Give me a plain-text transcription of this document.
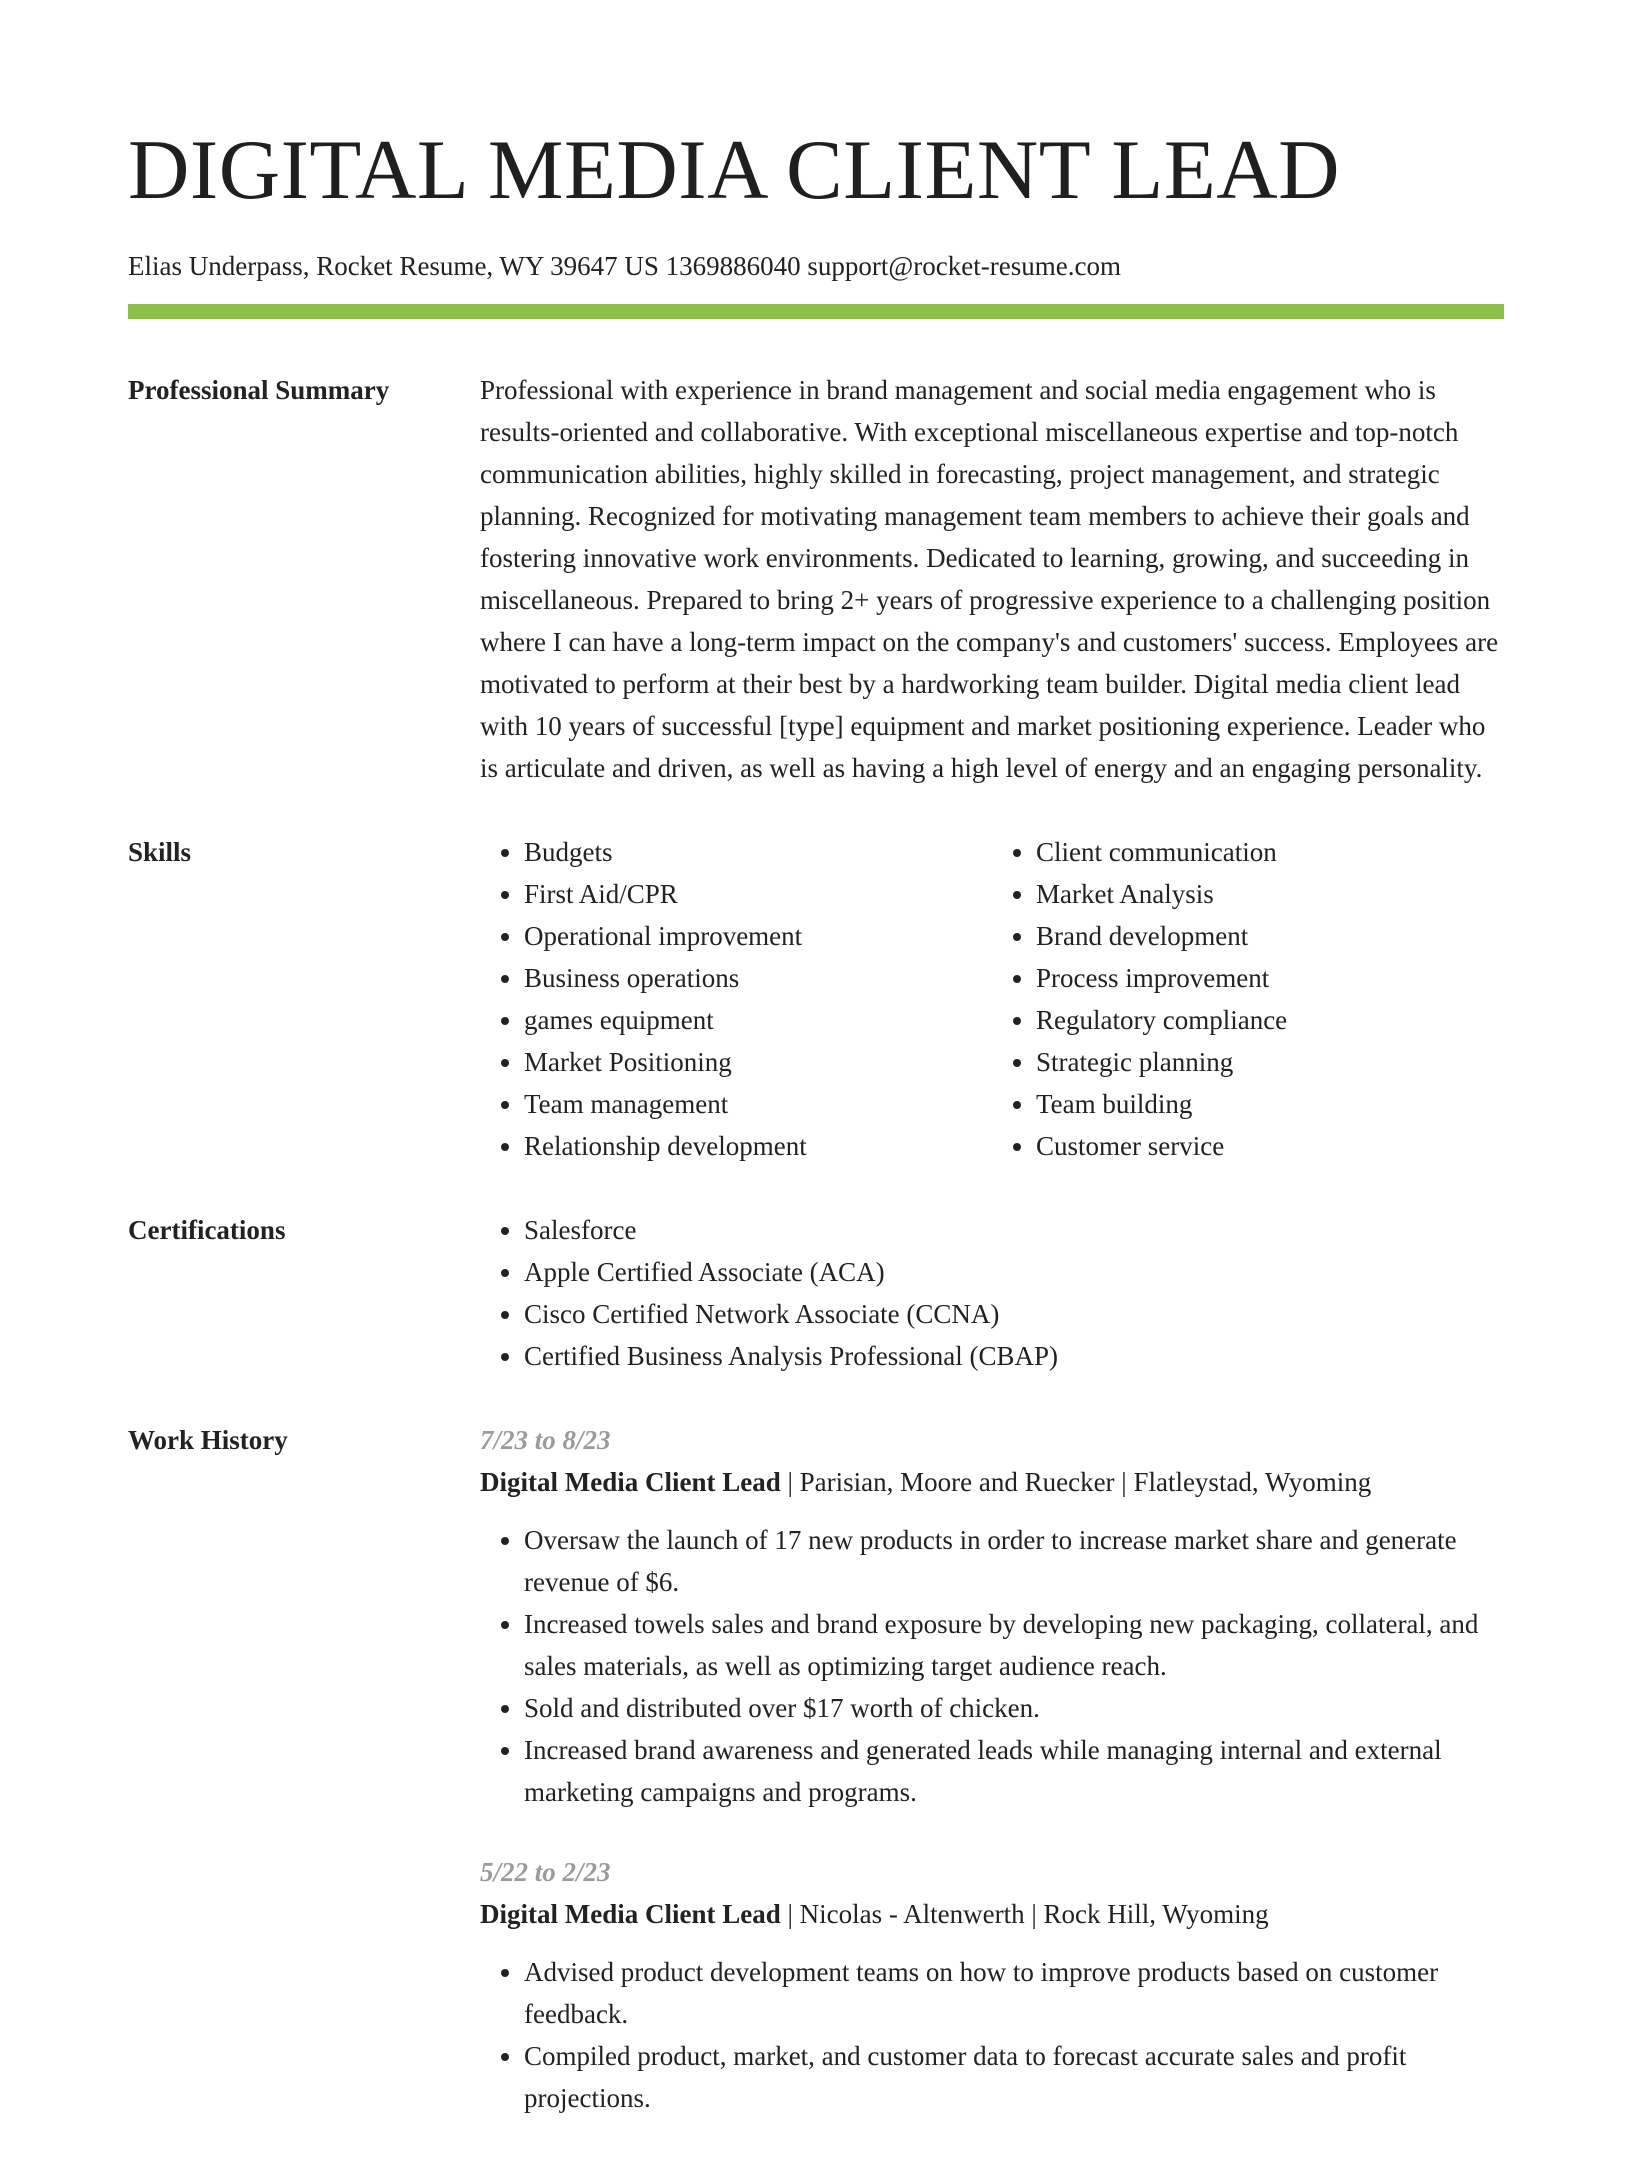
DIGITAL MEDIA CLIENT LEAD
Elias Underpass, Rocket Resume, WY 39647 US 1369886040 support@rocket-resume.com
Professional Summary	Professional with experience in brand management and social media engagement who is results-oriented and collaborative. With exceptional miscellaneous expertise and top-notch communication abilities, highly skilled in forecasting, project management, and strategic planning. Recognized for motivating management team members to achieve their goals and fostering innovative work environments. Dedicated to learning, growing, and succeeding in miscellaneous. Prepared to bring 2+ years of progressive experience to a challenging position where I can have a long-term impact on the company's and customers' success. Employees are motivated to perform at their best by a hardworking team builder. Digital media client lead with 10 years of successful [type] equipment and market positioning experience. Leader who is articulate and driven, as well as having a high level of energy and an engaging personality.

Skills	• Budgets
• First Aid/CPR
• Operational improvement
• Business operations
• games equipment
• Market Positioning
• Team management
• Relationship development
• Client communication
• Market Analysis
• Brand development
• Process improvement
• Regulatory compliance
• Strategic planning
• Team building
• Customer service
Certifications	• Salesforce
• Apple Certified Associate (ACA)
• Cisco Certified Network Associate (CCNA)
• Certified Business Analysis Professional (CBAP)
Work History	7/23 to 8/23
Digital Media Client Lead | Parisian, Moore and Ruecker | Flatleystad, Wyoming
• Oversaw the launch of 17 new products in order to increase market share and generate revenue of $6.
• Increased towels sales and brand exposure by developing new packaging, collateral, and sales materials, as well as optimizing target audience reach.
• Sold and distributed over $17 worth of chicken.
• Increased brand awareness and generated leads while managing internal and external marketing campaigns and programs.
5/22 to 2/23
Digital Media Client Lead | Nicolas - Altenwerth | Rock Hill, Wyoming
• Advised product development teams on how to improve products based on customer feedback.
• Compiled product, market, and customer data to forecast accurate sales and profit projections.
